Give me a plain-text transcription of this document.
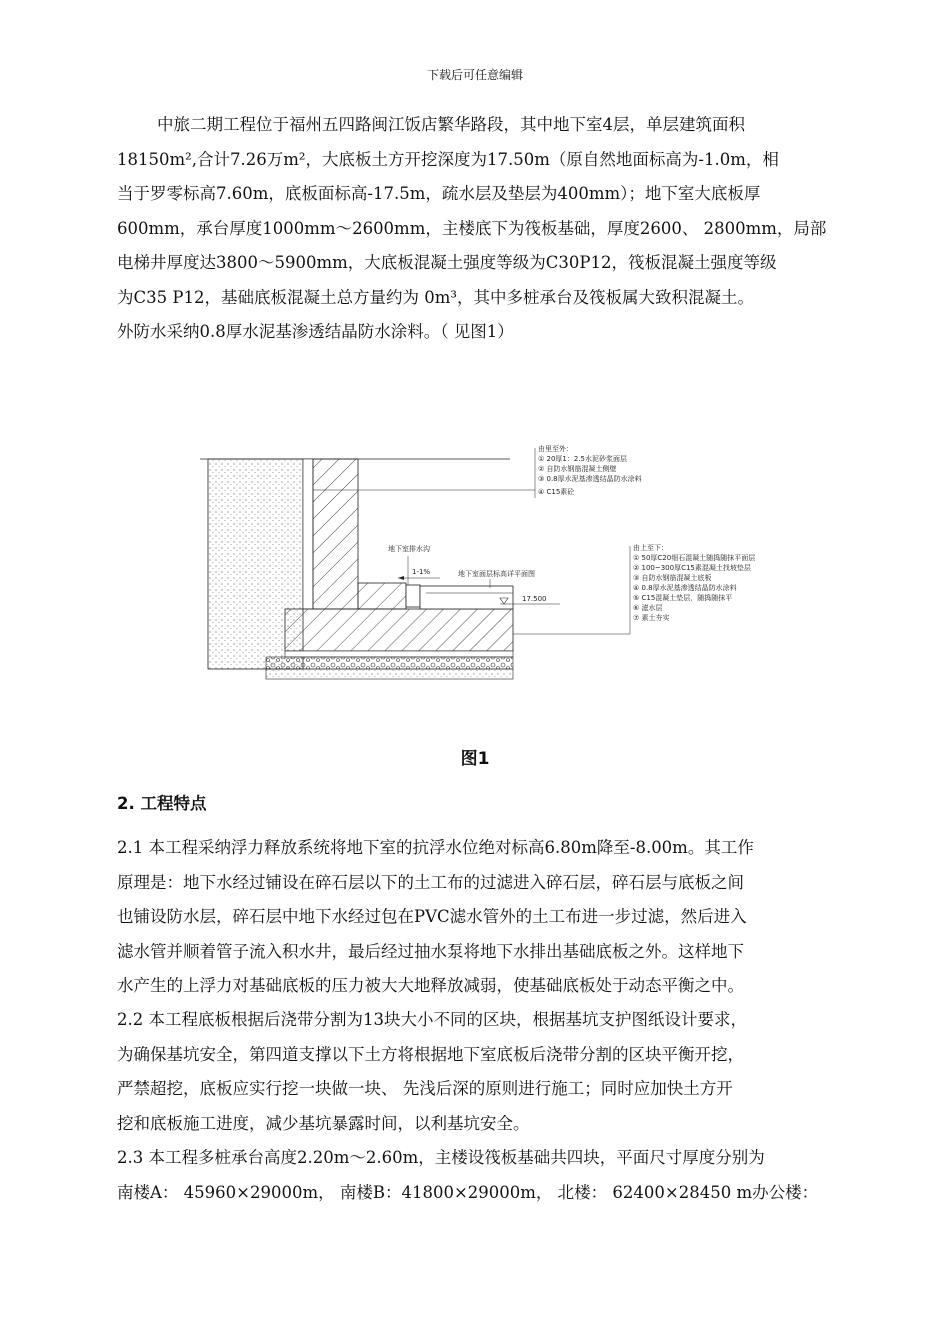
下载后可任意编辑
中旅二期工程位于福州五四路闽江饭店繁华路段，其中地下室4层，单层建筑面积
18150m²,合计7.26万m²，大底板土方开挖深度为17.50m（原自然地面标高为-1.0m，相
当于罗零标高7.60m，底板面标高-17.5m，疏水层及垫层为400mm）；地下室大底板厚
600mm，承台厚度1000mm～2600mm，主楼底下为筏板基础，厚度2600、 2800mm，局部
电梯井厚度达3800～5900mm，大底板混凝土强度等级为C30P12，筏板混凝土强度等级
为C35 P12，基础底板混凝土总方量约为 0m³，其中多桩承台及筏板属大致积混凝土。
外防水采纳0.8厚水泥基渗透结晶防水涂料。（ 见图1）
1-1%
地下室排水沟
地下室面层标高详平面图
17.500
由里至外：
① 20厚1：2.5水泥砂浆面层
② 自防水钢筋混凝土侧壁
③ 0.8厚水泥基渗透结晶防水涂料
④ C15素砼
由上至下：
① 50厚C20细石混凝土随捣随抹平面层
② 100~300厚C15素混凝土找坡垫层
③ 自防水钢筋混凝土底板
④ 0.8厚水泥基渗透结晶防水涂料
⑤ C15混凝土垫层，随捣随抹平
⑥ 滤水层
⑦ 素土夯实
图1
2. 工程特点
2.1 本工程采纳浮力释放系统将地下室的抗浮水位绝对标高6.80m降至-8.00m。其工作
原理是：地下水经过铺设在碎石层以下的土工布的过滤进入碎石层，碎石层与底板之间
也铺设防水层，碎石层中地下水经过包在PVC滤水管外的土工布进一步过滤，然后进入
滤水管并顺着管子流入积水井，最后经过抽水泵将地下水排出基础底板之外。这样地下
水产生的上浮力对基础底板的压力被大大地释放减弱，使基础底板处于动态平衡之中。
2.2 本工程底板根据后浇带分割为13块大小不同的区块，根据基坑支护图纸设计要求，
为确保基坑安全，第四道支撑以下土方将根据地下室底板后浇带分割的区块平衡开挖，
严禁超挖，底板应实行挖一块做一块、 先浅后深的原则进行施工；同时应加快土方开
挖和底板施工进度，减少基坑暴露时间，以利基坑安全。
2.3 本工程多桩承台高度2.20m～2.60m，主楼设筏板基础共四块，平面尺寸厚度分别为
南楼A： 45960×29000m， 南楼B：41800×29000m， 北楼： 62400×28450 m办公楼：
